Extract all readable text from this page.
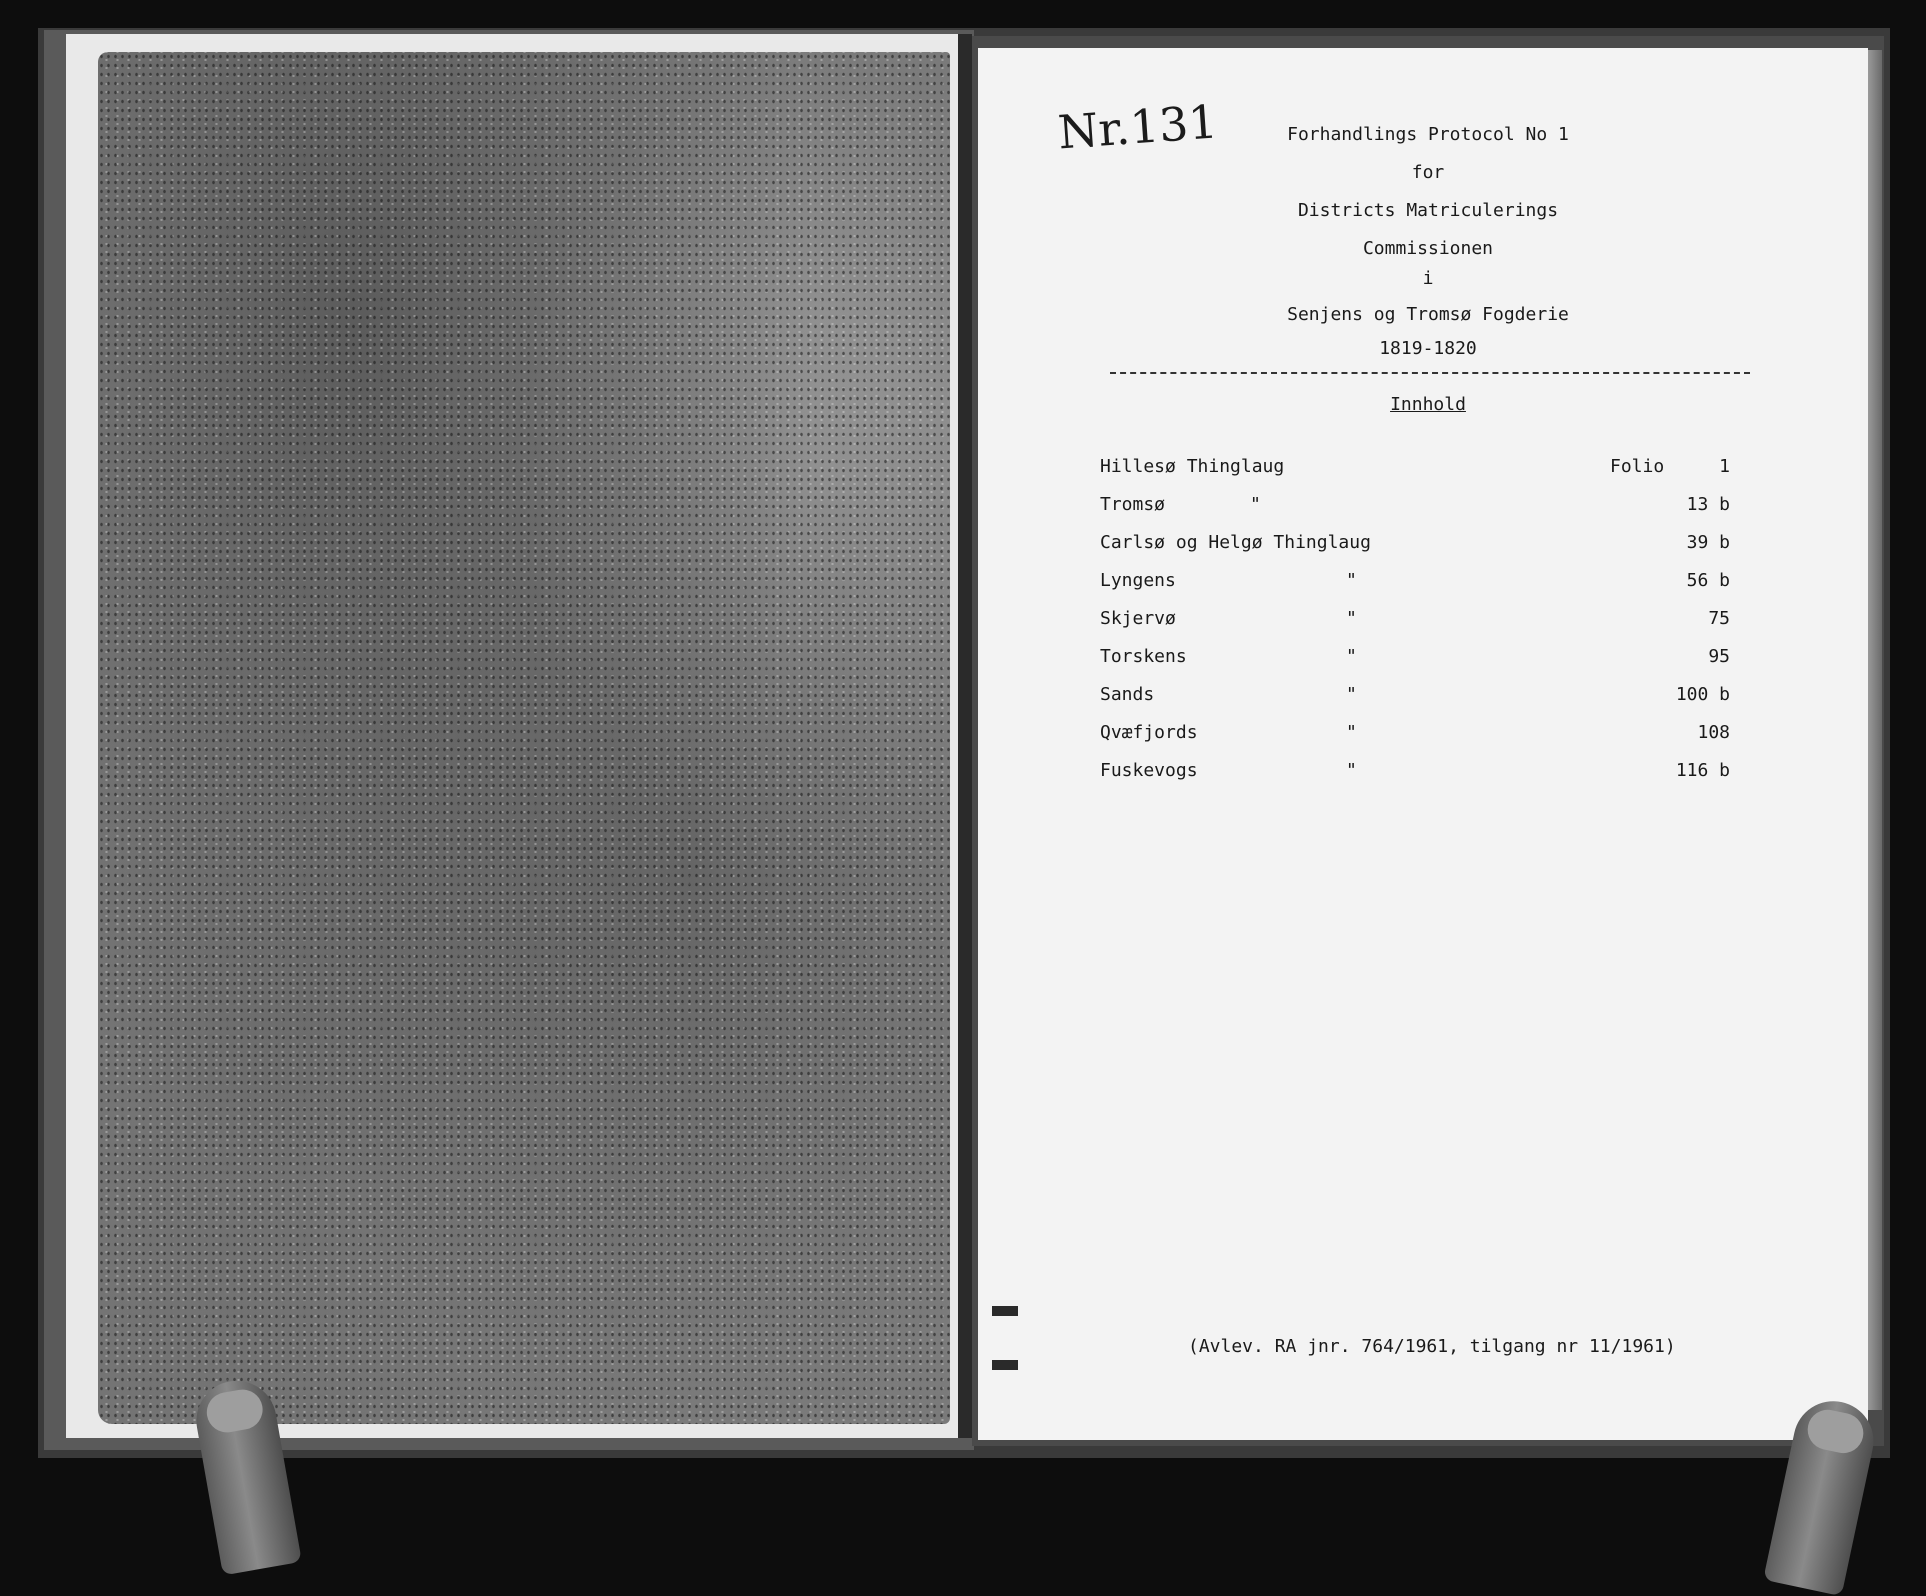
Nr.131	Forhandlings Protocol No 1
for
Districts Matriculerings
Commissionen
i
Senjens og Tromsø Fogderie
1819-1820
Innhold
Hillesø Thinglaug	Folio	1
Tromsø	"	13 b
Carlsø og Helgø Thinglaug	39 b
Lyngens	"	56 b
Skjervø	"	75
Torskens	"	95
Sands	"	100 b
Qvæfjords	"	108
Fuskevogs	"	116 b
(Avlev. RA jnr. 764/1961, tilgang nr 11/1961)
